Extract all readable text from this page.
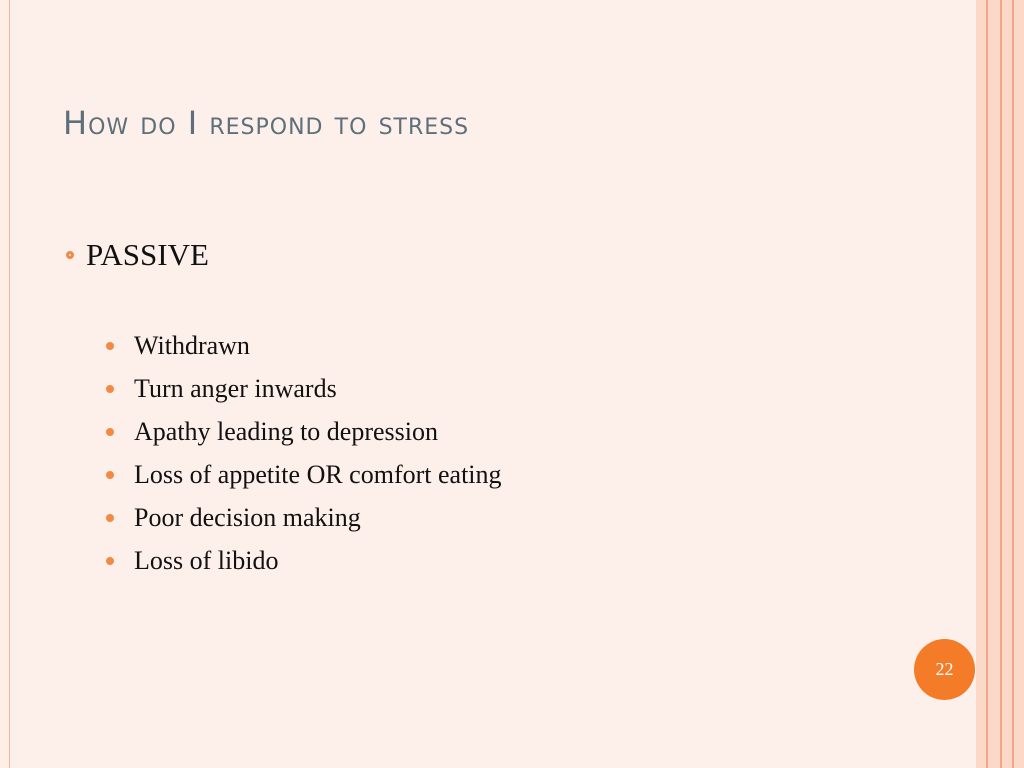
How do I respond to stress
PASSIVE
Withdrawn
Turn anger inwards
Apathy leading to depression
Loss of appetite OR comfort eating
Poor decision making
Loss of libido
22
